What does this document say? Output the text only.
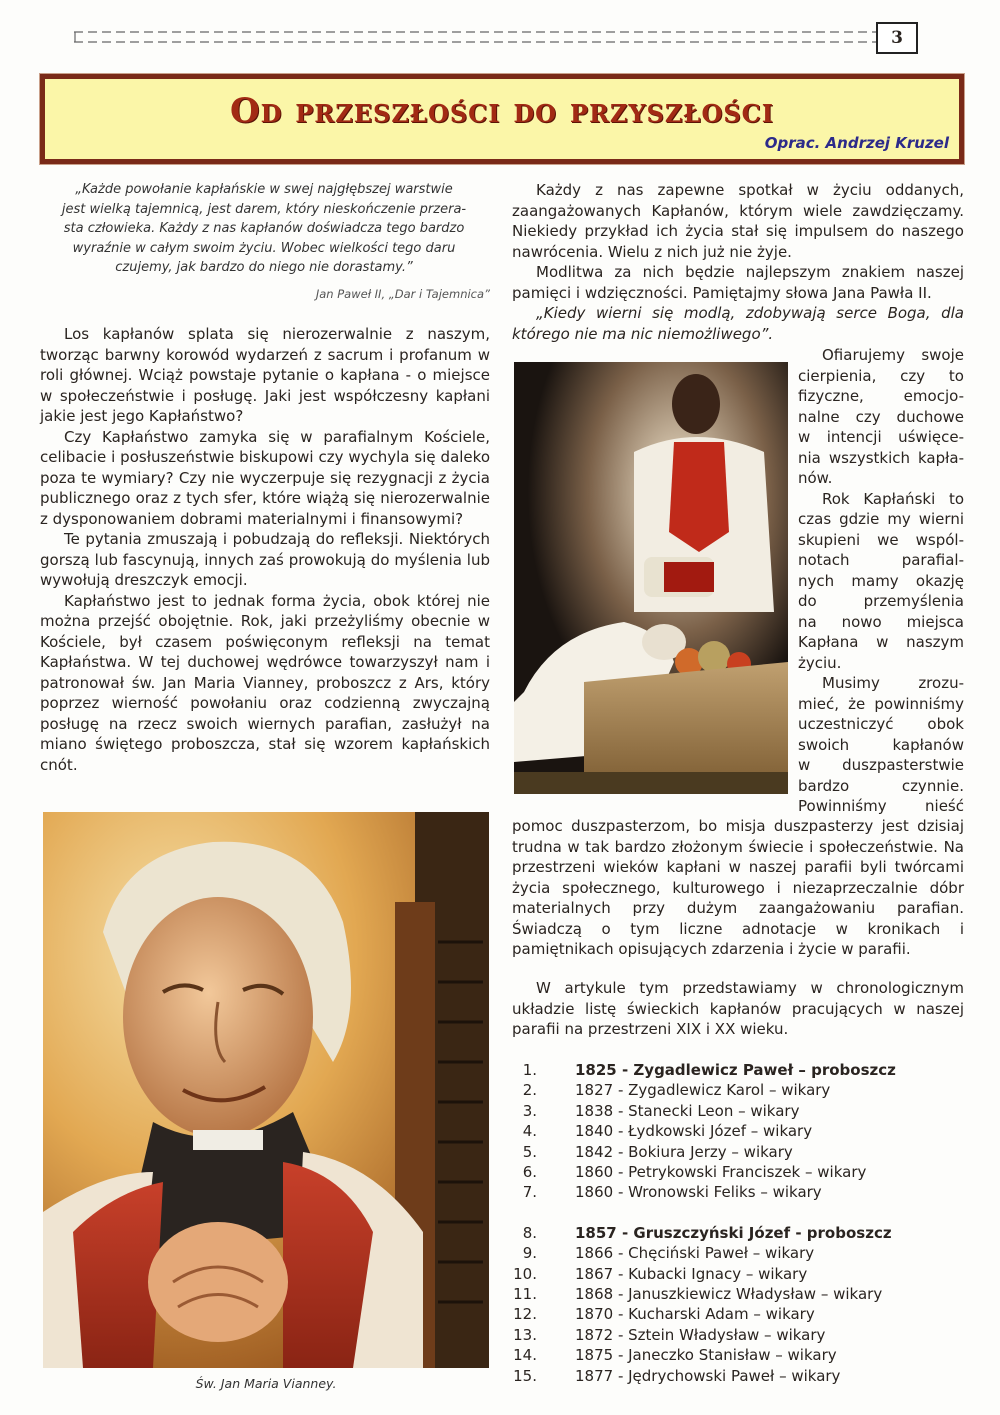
3
Od przeszłości do przyszłości
Oprac. Andrzej Kruzel
„Każde powołanie kapłańskie w swej najgłębszej warstwie
jest wielką tajemnicą, jest darem, który nieskończenie przera-
sta człowieka. Każdy z nas kapłanów doświadcza tego bardzo
wyraźnie w całym swoim życiu. Wobec wielkości tego daru
czujemy, jak bardzo do niego nie dorastamy.”
Jan Paweł II, „Dar i Tajemnica”

Los kapłanów splata się nierozerwalnie z naszym, tworząc barwny korowód wydarzeń z sacrum i profanum w roli głównej. Wciąż powstaje pytanie o kapłana - o miejsce w społeczeństwie i posługę. Jaki jest współczesny kapłani jakie jest jego Kapłaństwo?

Czy Kapłaństwo zamyka się w parafialnym Kościele, celibacie i posłuszeństwie biskupowi czy wychyla się daleko poza te wymiary? Czy nie wyczerpuje się rezygnacji z życia publicznego oraz z tych sfer, które wiążą się nierozerwalnie z dysponowaniem dobrami materialnymi i finansowymi?

Te pytania zmuszają i pobudzają do refleksji. Niektórych gorszą lub fascynują, innych zaś prowokują do myślenia lub wywołują dreszczyk emocji.

Kapłaństwo jest to jednak forma życia, obok której nie można przejść obojętnie. Rok, jaki przeżyliśmy obecnie w Kościele, był czasem poświęconym refleksji na temat Kapłaństwa. W tej duchowej wędrówce towarzyszył nam i patronował św. Jan Maria Vianney, proboszcz z Ars, który poprzez wierność powołaniu oraz codzienną zwyczajną posługę na rzecz swoich wiernych parafian, zasłużył na miano świętego proboszcza, stał się wzorem kapłańskich cnót.

Św. Jan Maria Vianney.

Każdy z nas zapewne spotkał w życiu oddanych, zaangażowanych Kapłanów, którym wiele zawdzięczamy. Niekiedy przykład ich życia stał się impulsem do naszego nawrócenia. Wielu z nich już nie żyje.

Modlitwa za nich będzie najlepszym znakiem naszej pamięci i wdzięczności. Pamiętajmy słowa Jana Pawła II.

„Kiedy wierni się modlą, zdobywają serce Boga, dla którego nie ma nic niemożliwego”.

Ofiarujemy swoje
cierpienia, czy to
fizyczne, emocjo-
nalne czy duchowe
w intencji uświęce-
nia wszystkich kapła-
nów.
Rok Kapłański to
czas gdzie my wierni
skupieni we wspól-
notach parafial-
nych mamy okazję
do przemyślenia
na nowo miejsca
Kapłana w naszym
życiu.
Musimy zrozu-
mieć, że powinniśmy
uczestniczyć obok
swoich kapłanów
w duszpasterstwie
bardzo czynnie.
Powinniśmy nieść
pomoc duszpasterzom, bo misja duszpasterzy jest dzisiaj trudna w tak bardzo złożonym świecie i społeczeństwie. Na przestrzeni wieków kapłani w naszej parafii byli twórcami życia społecznego, kulturowego i niezaprzeczalnie dóbr materialnych przy dużym zaangażowaniu parafian. Świadczą o tym liczne adnotacje w kronikach i pamiętnikach opisujących zdarzenia i życie w parafii.

W artykule tym przedstawiamy w chronologicznym układzie listę świeckich kapłanów pracujących w naszej parafii na przestrzeni XIX i XX wieku.

1.	1825 - Zygadlewicz Paweł – proboszcz
2.	1827 - Zygadlewicz Karol – wikary
3.	1838 - Stanecki Leon – wikary
4.	1840 - Łydkowski Józef – wikary
5.	1842 - Bokiura Jerzy – wikary
6.	1860 - Petrykowski Franciszek – wikary
7.	1860 - Wronowski Feliks – wikary
8.	1857 - Gruszczyński Józef - proboszcz
9.	1866 - Chęciński Paweł – wikary
10.	1867 - Kubacki Ignacy – wikary
11.	1868 - Januszkiewicz Władysław – wikary
12.	1870 - Kucharski Adam – wikary
13.	1872 - Sztein Władysław – wikary
14.	1875 - Janeczko Stanisław – wikary
15.	1877 - Jędrychowski Paweł – wikary
